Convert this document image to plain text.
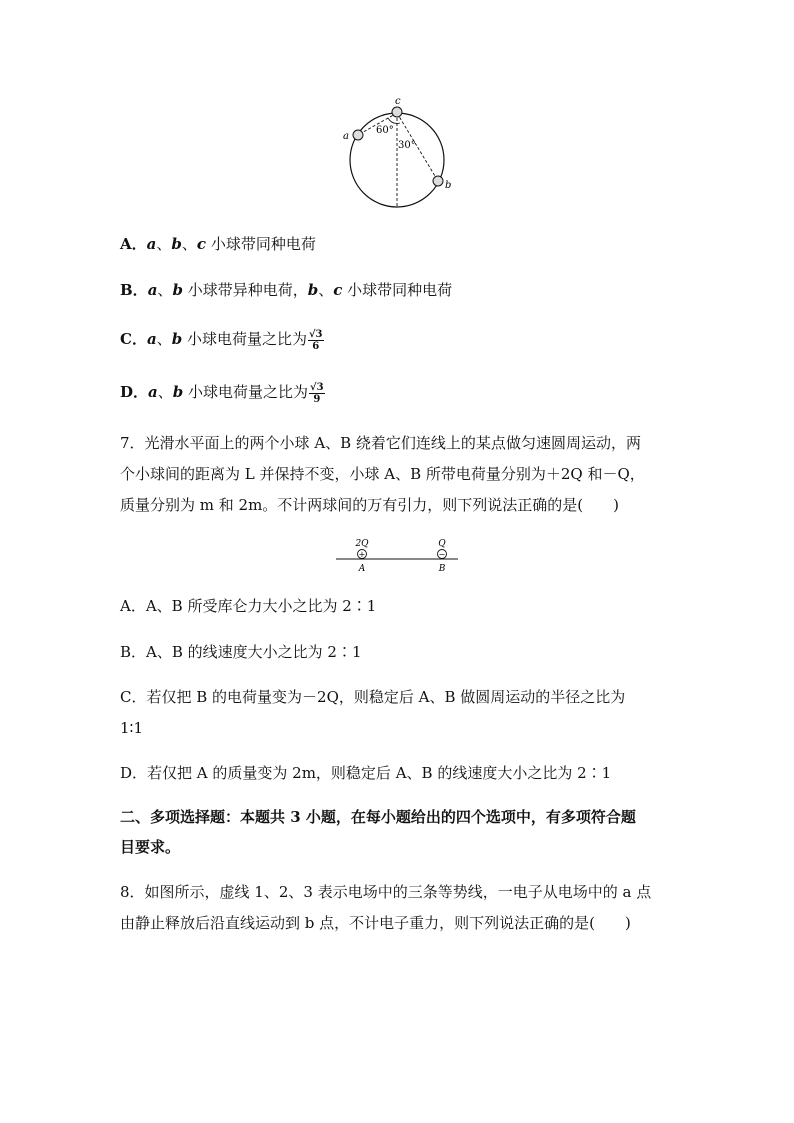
a
c
b
60°
30°
A．a、b、c 小球带同种电荷
B．a、b 小球带异种电荷，b、c 小球带同种电荷
C．a、b 小球电荷量之比为 $\frac{√3}{6}$
D．a、b 小球电荷量之比为 $\frac{√3}{9}$
7．光滑水平面上的两个小球 A、B 绕着它们连线上的某点做匀速圆周运动，两
个小球间的距离为 L 并保持不变，小球 A、B 所带电荷量分别为＋2Q 和－Q，
质量分别为 m 和 2m。不计两球间的万有引力，则下列说法正确的是(　　)
+	−
2Q	Q
A	B
A．A、B 所受库仑力大小之比为 2∶1
B．A、B 的线速度大小之比为 2∶1
C．若仅把 B 的电荷量变为－2Q，则稳定后 A、B 做圆周运动的半径之比为
1∶1
D．若仅把 A 的质量变为 2m，则稳定后 A、B 的线速度大小之比为 2∶1
二、多项选择题：本题共 3 小题，在每小题给出的四个选项中，有多项符合题
目要求。
8．如图所示，虚线 1、2、3 表示电场中的三条等势线，一电子从电场中的 a 点
由静止释放后沿直线运动到 b 点，不计电子重力，则下列说法正确的是(　　)
